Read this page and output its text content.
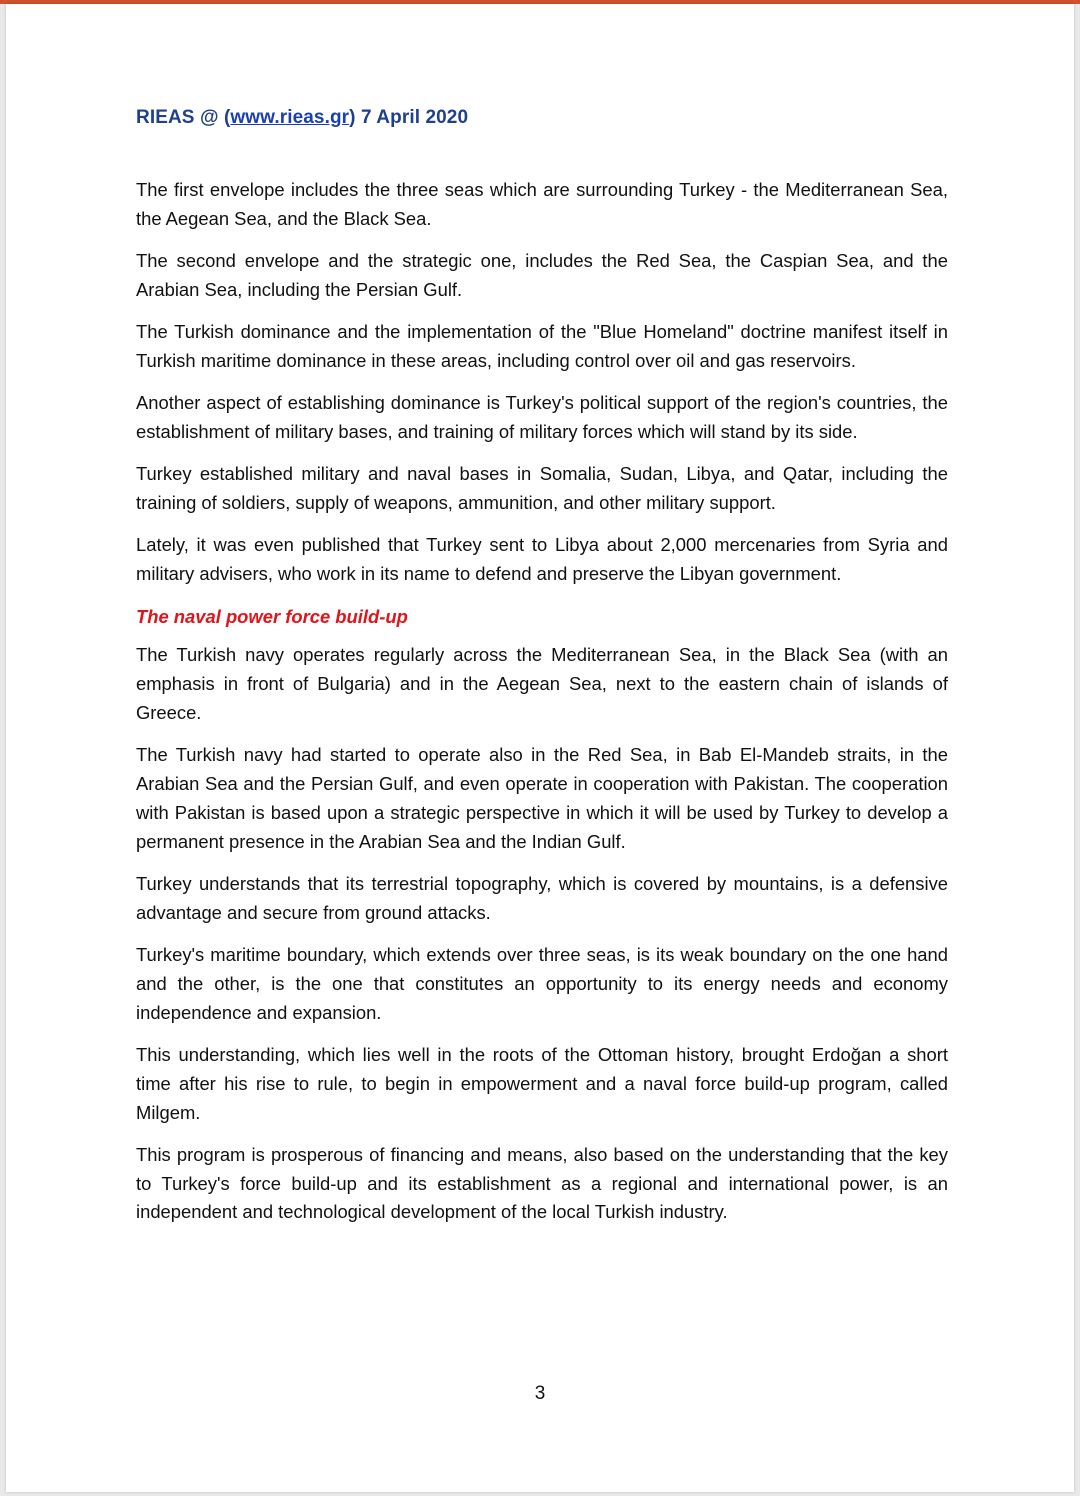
RIEAS @ (www.rieas.gr) 7 April 2020

The first envelope includes the three seas which are surrounding Turkey - the Mediterranean Sea, the Aegean Sea, and the Black Sea.

The second envelope and the strategic one, includes the Red Sea, the Caspian Sea, and the Arabian Sea, including the Persian Gulf.

The Turkish dominance and the implementation of the "Blue Homeland" doctrine manifest itself in Turkish maritime dominance in these areas, including control over oil and gas reservoirs.

Another aspect of establishing dominance is Turkey's political support of the region's countries, the establishment of military bases, and training of military forces which will stand by its side.

Turkey established military and naval bases in Somalia, Sudan, Libya, and Qatar, including the training of soldiers, supply of weapons, ammunition, and other military support.

Lately, it was even published that Turkey sent to Libya about 2,000 mercenaries from Syria and military advisers, who work in its name to defend and preserve the Libyan government.

The naval power force build-up

The Turkish navy operates regularly across the Mediterranean Sea, in the Black Sea (with an emphasis in front of Bulgaria) and in the Aegean Sea, next to the eastern chain of islands of Greece.

The Turkish navy had started to operate also in the Red Sea, in Bab El-Mandeb straits, in the Arabian Sea and the Persian Gulf, and even operate in cooperation with Pakistan. The cooperation with Pakistan is based upon a strategic perspective in which it will be used by Turkey to develop a permanent presence in the Arabian Sea and the Indian Gulf.

Turkey understands that its terrestrial topography, which is covered by mountains, is a defensive advantage and secure from ground attacks.

Turkey's maritime boundary, which extends over three seas, is its weak boundary on the one hand and the other, is the one that constitutes an opportunity to its energy needs and economy independence and expansion.

This understanding, which lies well in the roots of the Ottoman history, brought Erdoğan a short time after his rise to rule, to begin in empowerment and a naval force build-up program, called Milgem.

This program is prosperous of financing and means, also based on the understanding that the key to Turkey's force build-up and its establishment as a regional and international power, is an independent and technological development of the local Turkish industry.

3
